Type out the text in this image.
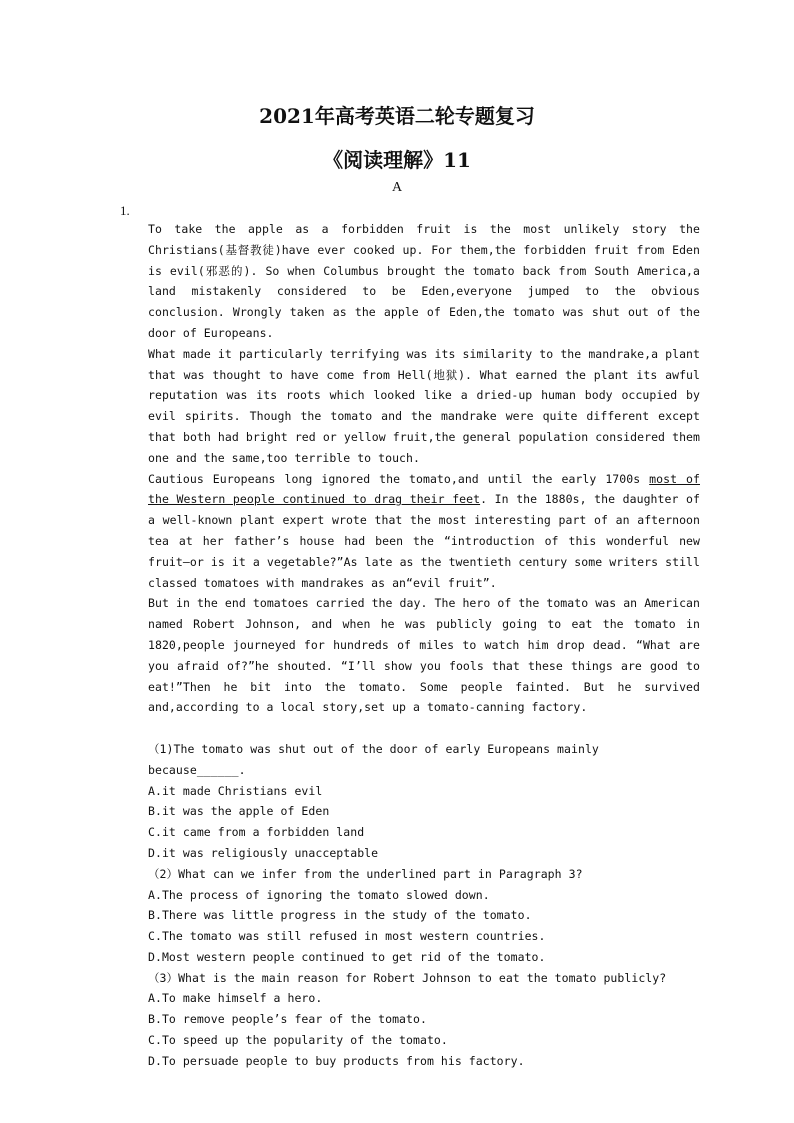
2021年高考英语二轮专题复习
《阅读理解》11
A
1.

To take the apple as a forbidden fruit is the most unlikely story the Christians(基督教徒)have ever cooked up. For them,the forbidden fruit from Eden is evil(邪恶的). So when Columbus brought the tomato back from South America,a land mistakenly considered to be Eden,everyone jumped to the obvious conclusion. Wrongly taken as the apple of Eden,the tomato was shut out of the door of Europeans.

What made it particularly terrifying was its similarity to the mandrake,a plant that was thought to have come from Hell(地狱). What earned the plant its awful reputation was its roots which looked like a dried-up human body occupied by evil spirits. Though the tomato and the mandrake were quite different except that both had bright red or yellow fruit,the general population considered them one and the same,too terrible to touch.

Cautious Europeans long ignored the tomato,and until the early 1700s most of the Western people continued to drag their feet. In the 1880s, the daughter of a well-known plant expert wrote that the most interesting part of an afternoon tea at her father’s house had been the “introduction of this wonderful new fruit—or is it a vegetable?”As late as the twentieth century some writers still classed tomatoes with mandrakes as an“evil fruit”.

But in the end tomatoes carried the day. The hero of the tomato was an American named Robert Johnson, and when he was publicly going to eat the tomato in 1820,people journeyed for hundreds of miles to watch him drop dead. “What are you afraid of?”he shouted. “I’ll show you fools that these things are good to eat!”Then he bit into the tomato. Some people fainted. But he survived and,according to a local story,set up a tomato-canning factory.

（1)The tomato was shut out of the door of early Europeans mainly because______.

A.it made Christians evil

B.it was the apple of Eden

C.it came from a forbidden land

D.it was religiously unacceptable

（2）What can we infer from the underlined part in Paragraph 3?

A.The process of ignoring the tomato slowed down.

B.There was little progress in the study of the tomato.

C.The tomato was still refused in most western countries.

D.Most western people continued to get rid of the tomato.

（3）What is the main reason for Robert Johnson to eat the tomato publicly?

A.To make himself a hero.

B.To remove people’s fear of the tomato.

C.To speed up the popularity of the tomato.

D.To persuade people to buy products from his factory.
